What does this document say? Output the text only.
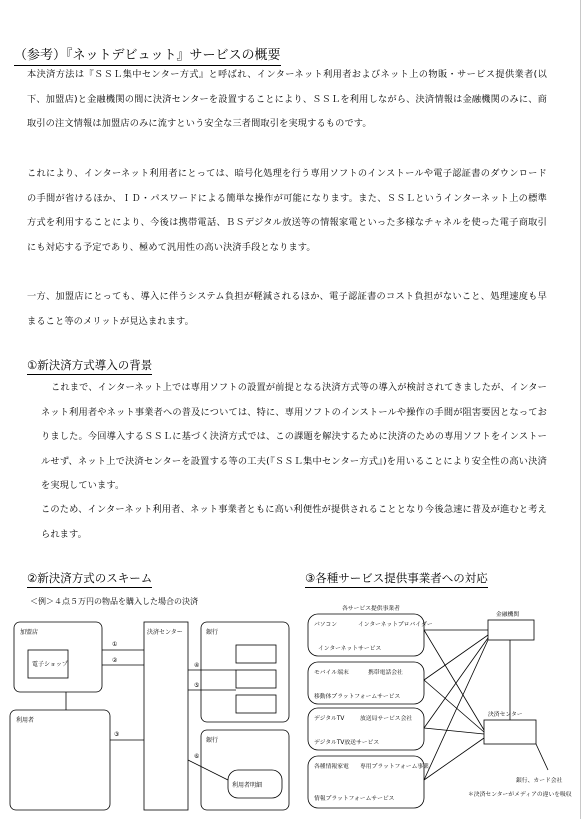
（参考）『ネットデビュット』サービスの概要
本決済方法は『ＳＳＬ集中センター方式』と呼ばれ、インターネット利用者およびネット上の物販・サービス提供業者(以下、加盟店)と金融機関の間に決済センターを設置することにより、ＳＳＬを利用しながら、決済情報は金融機関のみに、商取引の注文情報は加盟店のみに流すという安全な三者間取引を実現するものです。
これにより、インターネット利用者にとっては、暗号化処理を行う専用ソフトのインストールや電子認証書のダウンロードの手間が省けるほか、ＩＤ・パスワードによる簡単な操作が可能になります。また、ＳＳＬというインターネット上の標準方式を利用することにより、今後は携帯電話、ＢＳデジタル放送等の情報家電といった多様なチャネルを使った電子商取引にも対応する予定であり、極めて汎用性の高い決済手段となります。
一方、加盟店にとっても、導入に伴うシステム負担が軽減されるほか、電子認証書のコスト負担がないこと、処理速度も早まること等のメリットが見込まれます。
①新決済方式導入の背景
これまで、インターネット上では専用ソフトの設置が前提となる決済方式等の導入が検討されてきましたが、インターネット利用者やネット事業者への普及については、特に、専用ソフトのインストールや操作の手間が阻害要因となっておりました。今回導入するＳＳＬに基づく決済方式では、この課題を解決するために決済のための専用ソフトをインストールせず、ネット上で決済センターを設置する等の工夫(『ＳＳＬ集中センター方式』)を用いることにより安全性の高い決済を実現しています。
このため、インターネット利用者、ネット事業者ともに高い利便性が提供されることとなり今後急速に普及が進むと考えられます。
②新決済方式のスキーム
＜例＞４点５万円の物品を購入した場合の決済
③各種サービス提供事業者への対応
加盟店
電子ショップ
利用者
決済センター	銀行
銀行
利用者明細
①
②
③
④
⑤
⑥
各サービス提供事業者
パソコン	インターネットプロバイダー
インターネットサービス
モバイル端末	携帯電話会社
移動体プラットフォームサービス
デジタルTV	放送局サービス会社
デジタルTV放送サービス
各種情報家電 専用プラットフォーム事業
情報プラットフォームサービス
金融機関
決済センター
銀行、カード会社
＊決済センターがメディアの違いを吸収
